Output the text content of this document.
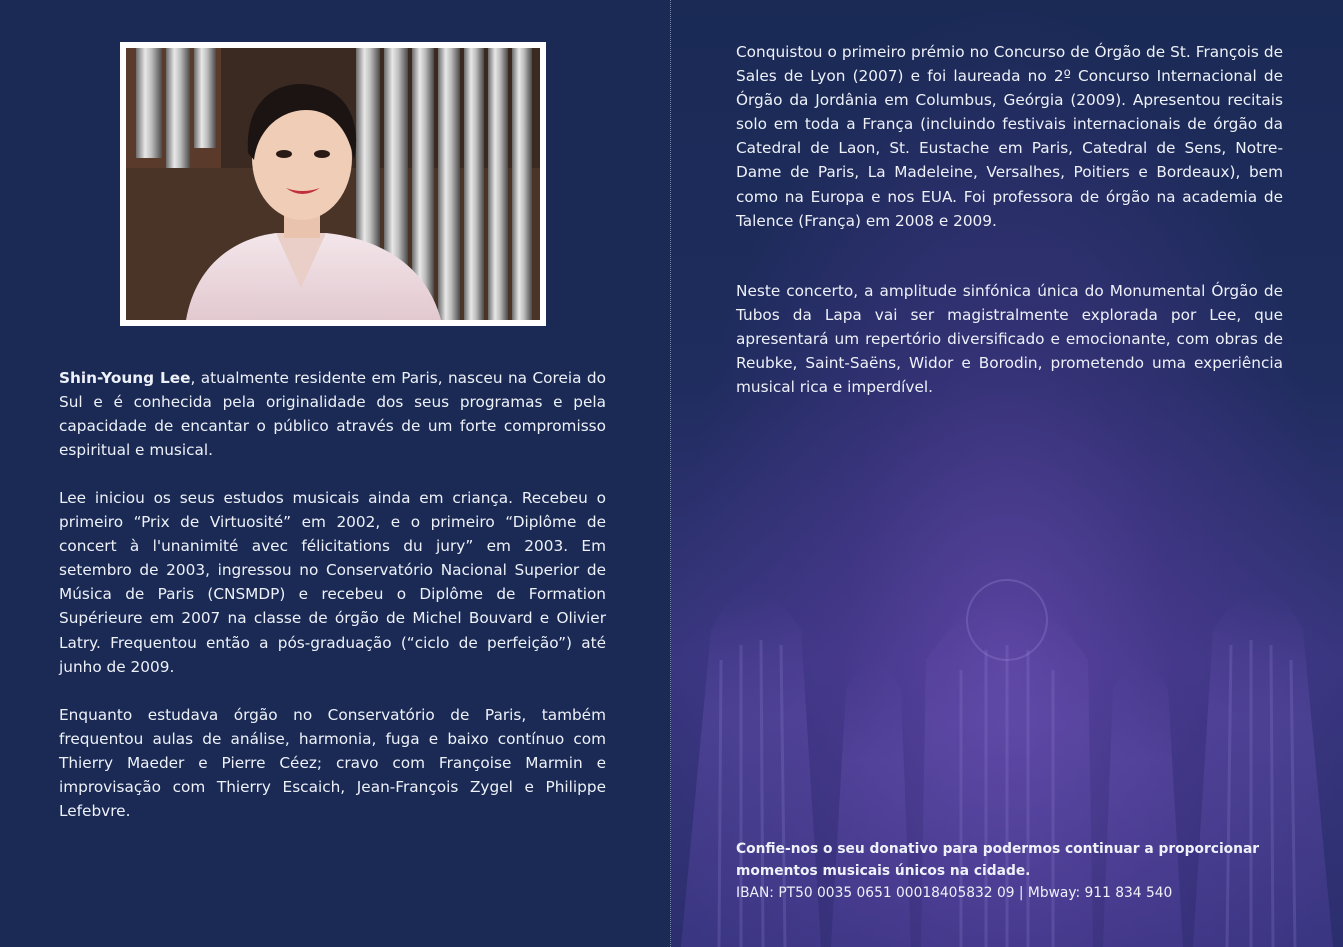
Shin-Young Lee, atualmente residente em Paris, nasceu na Coreia do Sul e é conhecida pela originalidade dos seus programas e pela capacidade de encantar o público através de um forte compromisso espiritual e musical.

Lee iniciou os seus estudos musicais ainda em criança. Recebeu o primeiro “Prix de Virtuosité” em 2002, e o primeiro “Diplôme de concert à l'unanimité avec félicitations du jury” em 2003. Em setembro de 2003, ingressou no Conservatório Nacional Superior de Música de Paris (CNSMDP) e recebeu o Diplôme de Formation Supérieure em 2007 na classe de órgão de Michel Bouvard e Olivier Latry. Frequentou então a pós-graduação (“ciclo de perfeição”) até junho de 2009.

Enquanto estudava órgão no Conservatório de Paris, também frequentou aulas de análise, harmonia, fuga e baixo contínuo com Thierry Maeder e Pierre Céez; cravo com Françoise Marmin e improvisação com Thierry Escaich, Jean-François Zygel e Philippe Lefebvre.

Conquistou o primeiro prémio no Concurso de Órgão de St. François de Sales de Lyon (2007) e foi laureada no 2º Concurso Internacional de Órgão da Jordânia em Columbus, Geórgia (2009). Apresentou recitais solo em toda a França (incluindo festivais internacionais de órgão da Catedral de Laon, St. Eustache em Paris, Catedral de Sens, Notre-Dame de Paris, La Madeleine, Versalhes, Poitiers e Bordeaux), bem como na Europa e nos EUA. Foi professora de órgão na academia de Talence (França) em 2008 e 2009.

Neste concerto, a amplitude sinfónica única do Monumental Órgão de Tubos da Lapa vai ser magistralmente explorada por Lee, que apresentará um repertório diversificado e emocionante, com obras de Reubke, Saint-Saëns, Widor e Borodin, prometendo uma experiência musical rica e imperdível.

Confie-nos o seu donativo para podermos continuar a proporcionar momentos musicais únicos na cidade.
IBAN: PT50 0035 0651 00018405832 09 | Mbway: 911 834 540
